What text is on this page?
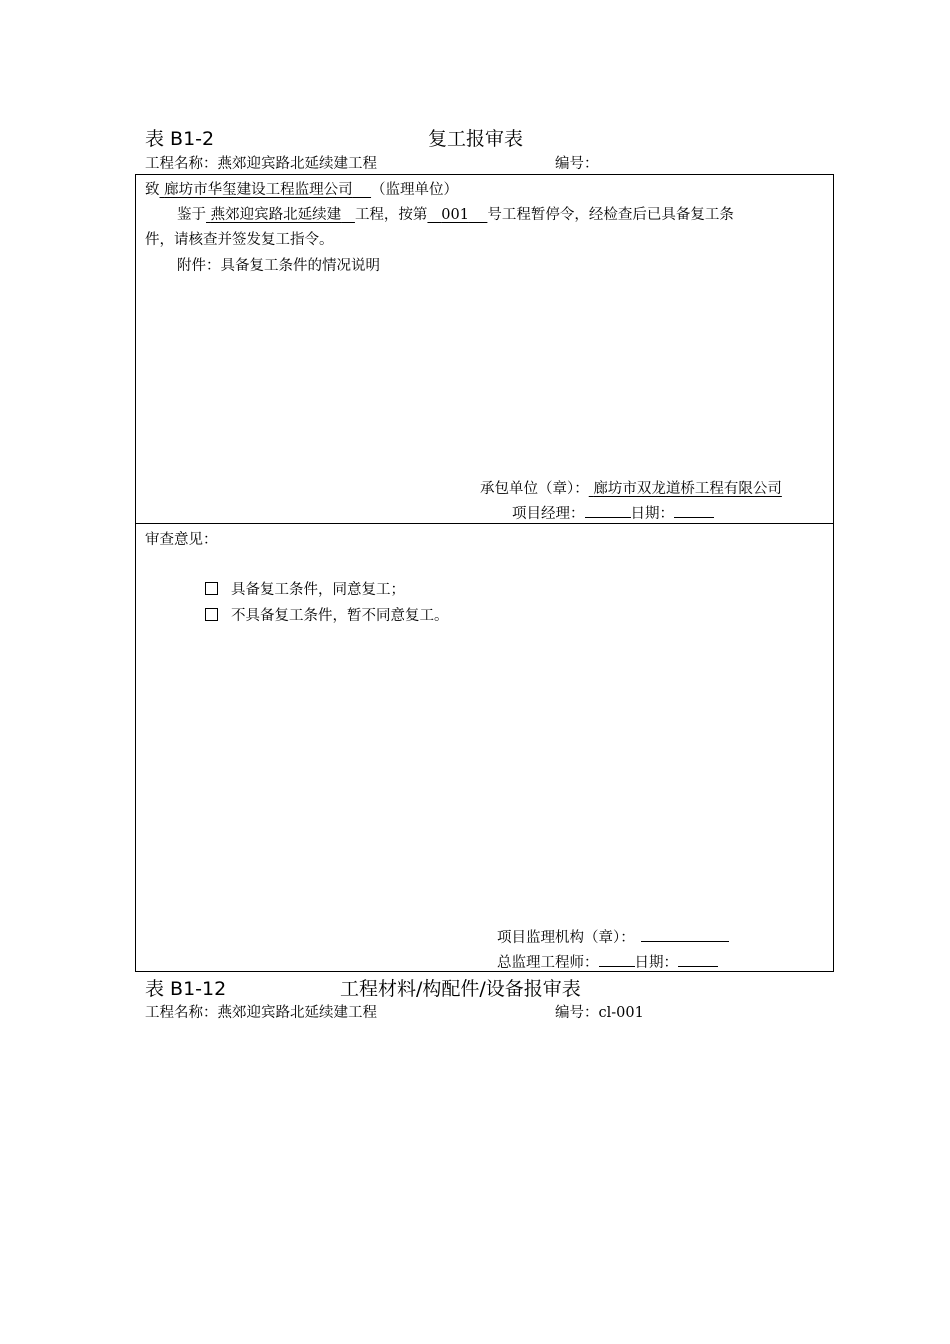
表 B1-2	复工报审表
工程名称：燕郊迎宾路北延续建工程	编号：
致 廊坊市华玺建设工程监理公司 （监理单位）
鉴于 燕郊迎宾路北延续建 工程，按第 001 号工程暂停令，经检查后已具备复工条
件，请核查并签发复工指令。
附件：具备复工条件的情况说明
承包单位（章）： 廊坊市双龙道桥工程有限公司
项目经理：	日期：
审查意见：
具备复工条件，同意复工；
不具备复工条件，暂不同意复工。
项目监理机构（章）：
总监理工程师： 日期：
表 B1-12	工程材料/构配件/设备报审表
工程名称：燕郊迎宾路北延续建工程	编号：cl-001
